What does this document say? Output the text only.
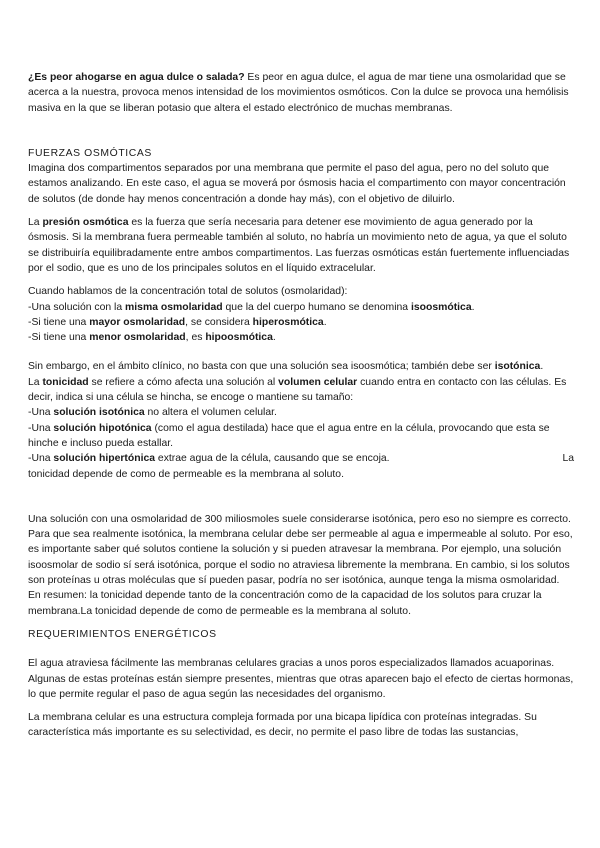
¿Es peor ahogarse en agua dulce o salada? Es peor en agua dulce, el agua de mar tiene una osmolaridad que se acerca a la nuestra, provoca menos intensidad de los movimientos osmóticos. Con la dulce se provoca una hemólisis masiva en la que se liberan potasio que altera el estado electrónico de muchas membranas.

FUERZAS OSMÓTICAS

Imagina dos compartimentos separados por una membrana que permite el paso del agua, pero no del soluto que estamos analizando. En este caso, el agua se moverá por ósmosis hacia el compartimento con mayor concentración de solutos (de donde hay menos concentración a donde hay más), con el objetivo de diluirlo.

La presión osmótica es la fuerza que sería necesaria para detener ese movimiento de agua generado por la ósmosis. Si la membrana fuera permeable también al soluto, no habría un movimiento neto de agua, ya que el soluto se distribuiría equilibradamente entre ambos compartimentos. Las fuerzas osmóticas están fuertemente influenciadas por el sodio, que es uno de los principales solutos en el líquido extracelular.

Cuando hablamos de la concentración total de solutos (osmolaridad):

-Una solución con la misma osmolaridad que la del cuerpo humano se denomina isoosmótica.

-Si tiene una mayor osmolaridad, se considera hiperosmótica.

-Si tiene una menor osmolaridad, es hipoosmótica.

Sin embargo, en el ámbito clínico, no basta con que una solución sea isoosmótica; también debe ser isotónica.

La tonicidad se refiere a cómo afecta una solución al volumen celular cuando entra en contacto con las células. Es decir, indica si una célula se hincha, se encoge o mantiene su tamaño:

-Una solución isotónica no altera el volumen celular.

-Una solución hipotónica (como el agua destilada) hace que el agua entre en la célula, provocando que esta se hinche e incluso pueda estallar.

-Una solución hipertónica extrae agua de la célula, causando que se encoja.	La

tonicidad depende de como de permeable es la membrana al soluto.

Una solución con una osmolaridad de 300 miliosmoles suele considerarse isotónica, pero eso no siempre es correcto. Para que sea realmente isotónica, la membrana celular debe ser permeable al agua e impermeable al soluto. Por eso, es importante saber qué solutos contiene la solución y si pueden atravesar la membrana. Por ejemplo, una solución isoosmolar de sodio sí será isotónica, porque el sodio no atraviesa libremente la membrana. En cambio, si los solutos son proteínas u otras moléculas que sí pueden pasar, podría no ser isotónica, aunque tenga la misma osmolaridad.

En resumen: la tonicidad depende tanto de la concentración como de la capacidad de los solutos para cruzar la membrana.La tonicidad depende de como de permeable es la membrana al soluto.

REQUERIMIENTOS ENERGÉTICOS

El agua atraviesa fácilmente las membranas celulares gracias a unos poros especializados llamados acuaporinas. Algunas de estas proteínas están siempre presentes, mientras que otras aparecen bajo el efecto de ciertas hormonas, lo que permite regular el paso de agua según las necesidades del organismo.

La membrana celular es una estructura compleja formada por una bicapa lipídica con proteínas integradas. Su característica más importante es su selectividad, es decir, no permite el paso libre de todas las sustancias,
